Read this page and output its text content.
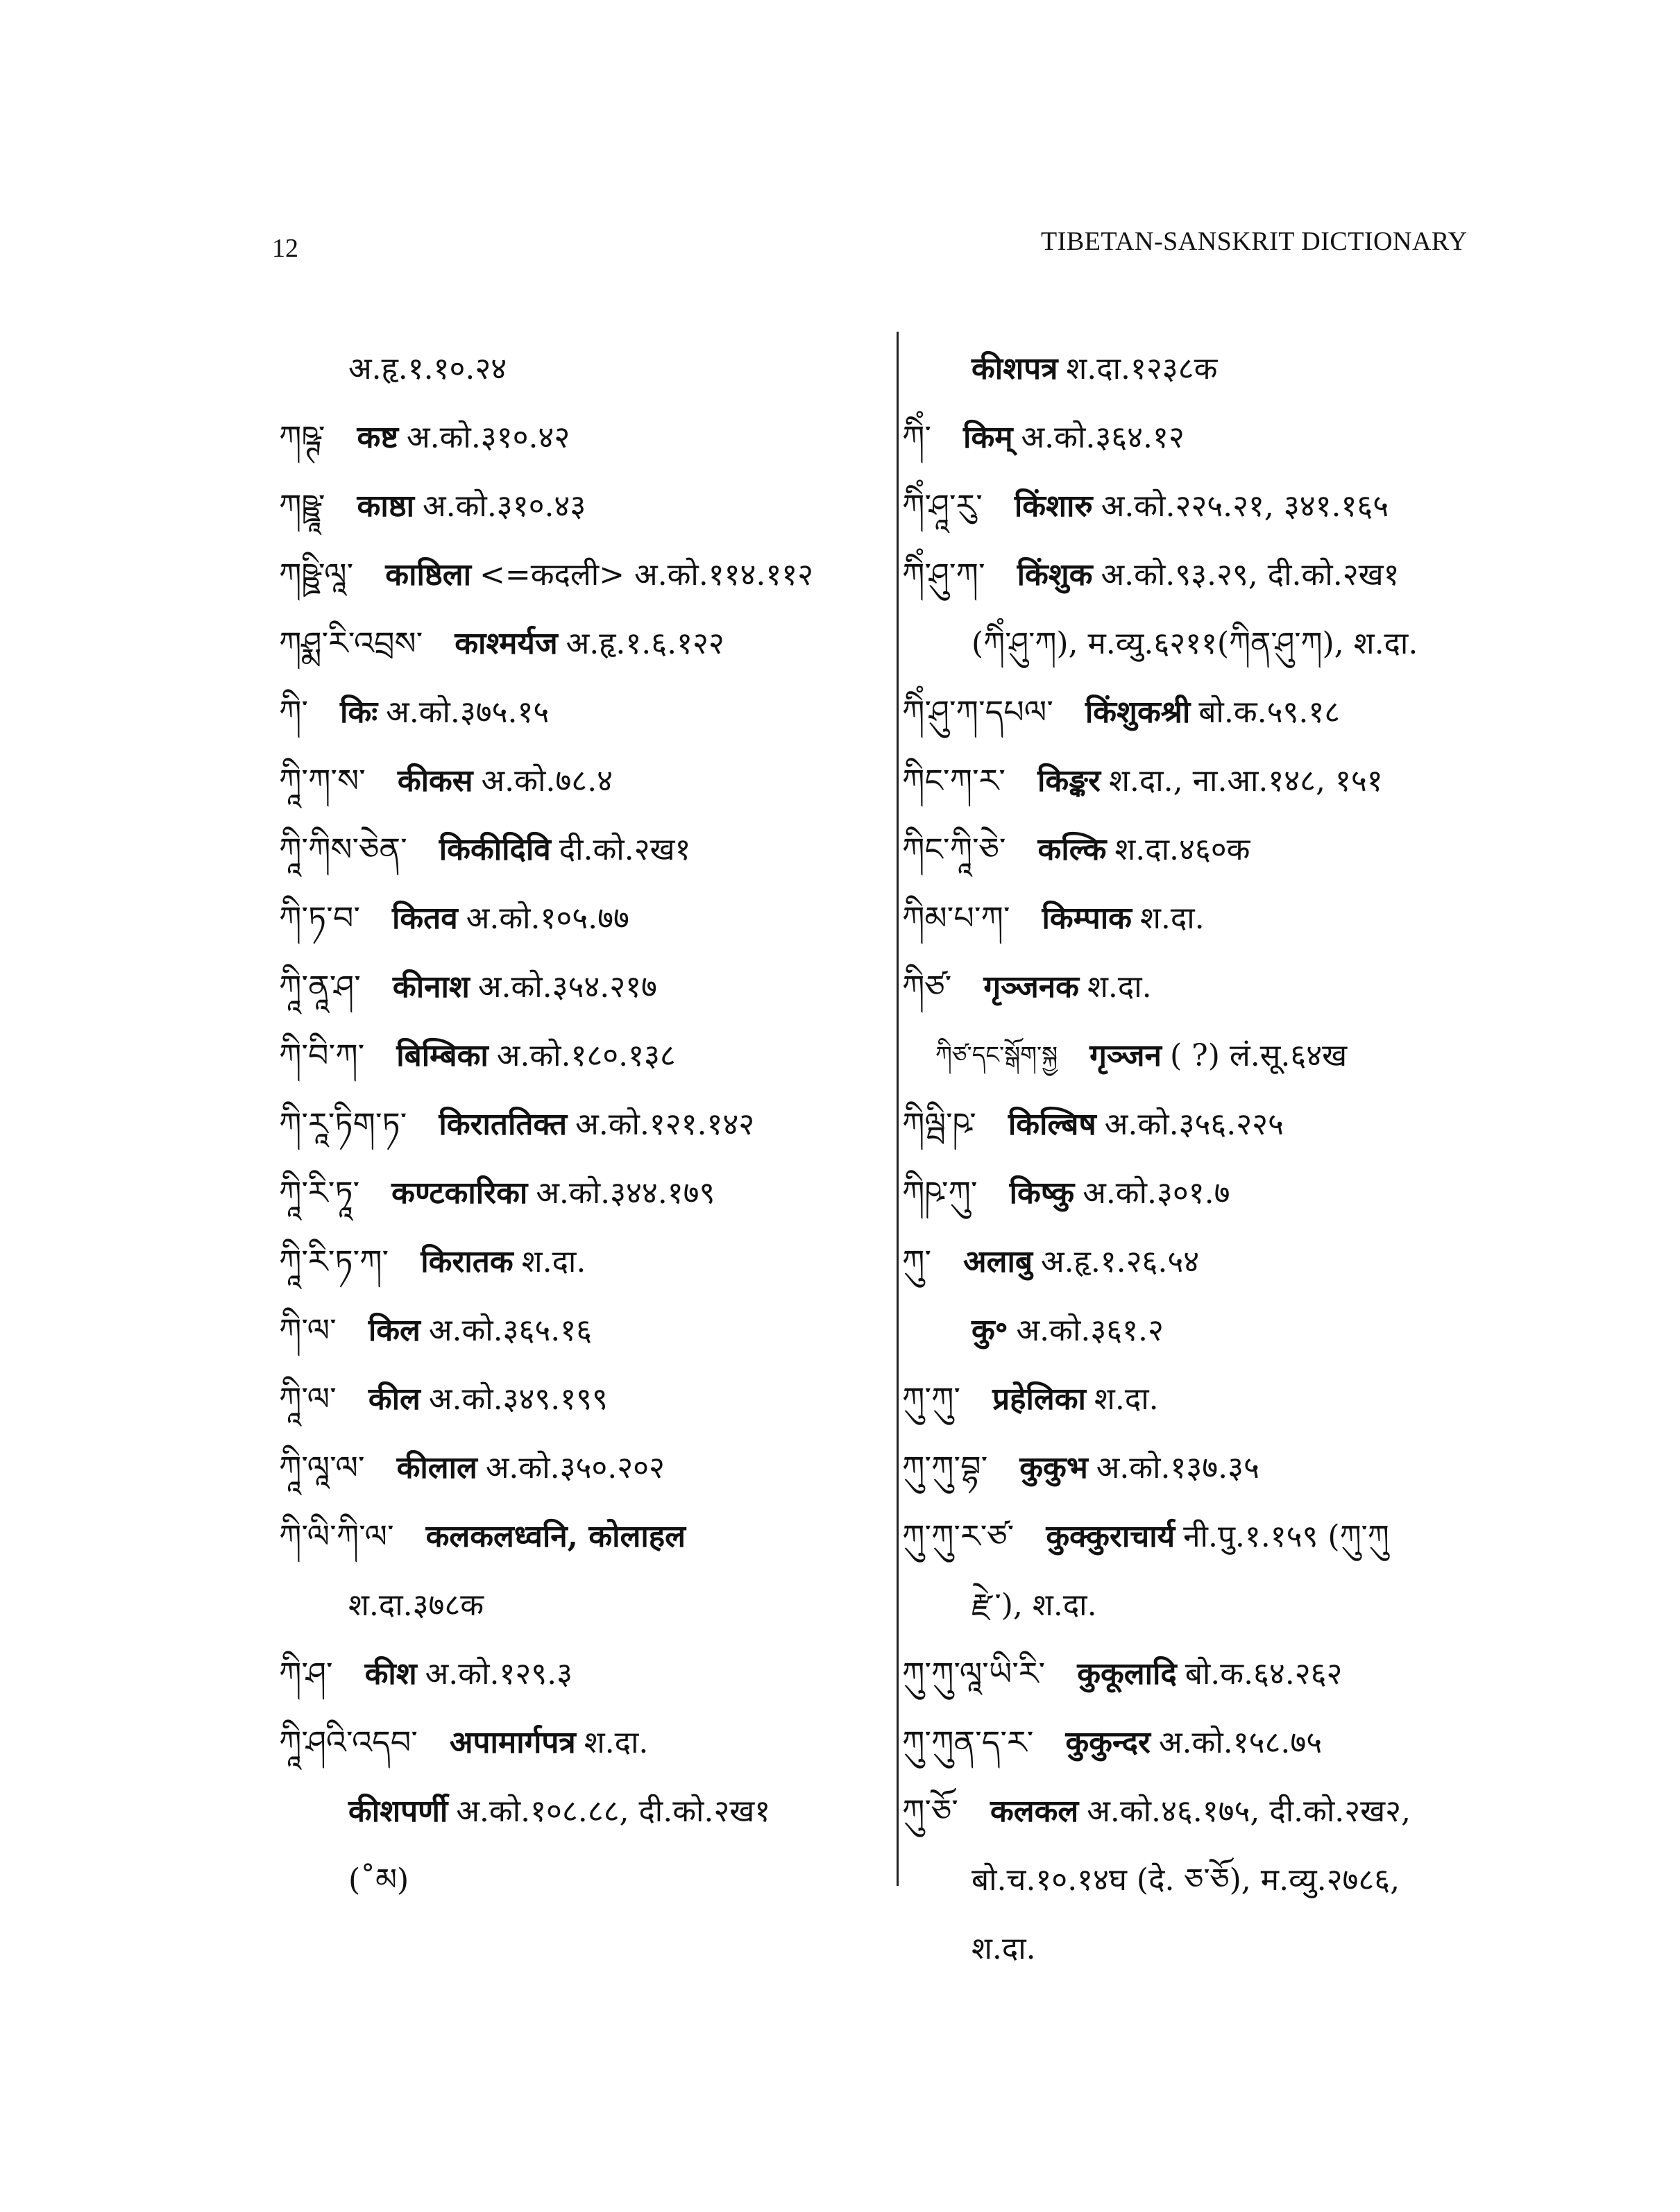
12	TIBETAN-SANSKRIT DICTIONARY
अ.हृ.१.१०.२४
ཀཥྚ་ कष्ट अ.को.३१०.४२
ཀཥྛཱ་ काष्ठा अ.को.३१०.४३
ཀཥྛི་ལཱ་ काष्ठिला <=कदली> अ.को.११४.११२
ཀཤྨ་རི་འབྲས་ काश्मर्यज अ.हृ.१.६.१२२
ཀི་ किः अ.को.३७५.१५
ཀཱི་ཀ་ས་ कीकस अ.को.७८.४
ཀཱི་ཀིས་ཅེན་ किकीदिवि दी.को.२ख१
ཀི་ཏ་བ་ कितव अ.को.१०५.७७
ཀཱི་ནཱ་ཤ་ कीनाश अ.को.३५४.२१७
ཀི་བི་ཀ་ बिम्बिका अ.को.१८०.१३८
ཀི་རཱ་ཏིག་ཏ་ किराततिक्त अ.को.१२१.१४२
ཀཱི་རི་ཏཱ་ कण्टकारिका अ.को.३४४.१७९
ཀཱི་རི་ཏ་ཀ་ किरातक श.दा.
ཀི་ལ་ किल अ.को.३६५.१६
ཀཱི་ལ་ कील अ.को.३४९.१९९
ཀཱི་ལཱ་ལ་ कीलाल अ.को.३५०.२०२
ཀི་ལི་ཀི་ལ་ कलकलध्वनि, कोलाहल
श.दा.३७८क
ཀི་ཤ་ कीश अ.को.१२९.३
ཀཱི་ཤའི་འདབ་ अपामार्गपत्र श.दा.
कीशपर्णी अ.को.१०८.८८, दी.को.२ख१
(˚མ)
कीशपत्र श.दा.१२३८क
ཀིཾ་ किम् अ.को.३६४.१२
ཀིཾ་ཤཱ་རུ་ किंशारु अ.को.२२५.२१, ३४१.१६५
ཀིཾ་ཤུ་ཀ་ किंशुक अ.को.९३.२९, दी.को.२ख१
(ཀིཾ་ཤུ་ཀ), म.व्यु.६२११(ཀིན་ཤུ་ཀ), श.दा.
ཀིཾ་ཤུ་ཀ་དཔལ་ किंशुकश्री बो.क.५९.१८
ཀིང་ཀ་ར་ किङ्कर श.दा., ना.आ.१४८, १५१
ཀིང་ཀཱི་ཅེ་ कल्कि श.दा.४६०क
ཀིམ་པ་ཀ་ किम्पाक श.दा.
ཀིཙ་ गृञ्जनक श.दा.
ཀིཙ་དང་སྒོག་སྐྱ गृञ्जन ( ?) लं.सू.६४ख
ཀིལྦི་ཥ་ किल्बिष अ.को.३५६.२२५
ཀིཥ་ཀུ་ किष्कु अ.को.३०१.७
ཀུ་ अलाबु अ.हृ.१.२६.५४
कु॰ अ.को.३६१.२
ཀུ་ཀུ་ प्रहेलिका श.दा.
ཀུ་ཀུ་བྷ་ कुकुभ अ.को.१३७.३५
ཀུ་ཀུ་ར་ཙ་ कुक्कुराचार्य नी.पु.१.१५९ (ཀུ་ཀུ
རྫེ་), श.दा.
ཀུ་ཀུ་ལཱ་ཡི་རི་ कुकूलादि बो.क.६४.२६२
ཀུ་ཀུན་ད་ར་ कुकुन्दर अ.को.१५८.७५
ཀུ་ཅོ་ कलकल अ.को.४६.१७५, दी.को.२ख२,
बो.च.१०.१४घ (दे. ཅ་ཅོ), म.व्यु.२७८६,
श.दा.
